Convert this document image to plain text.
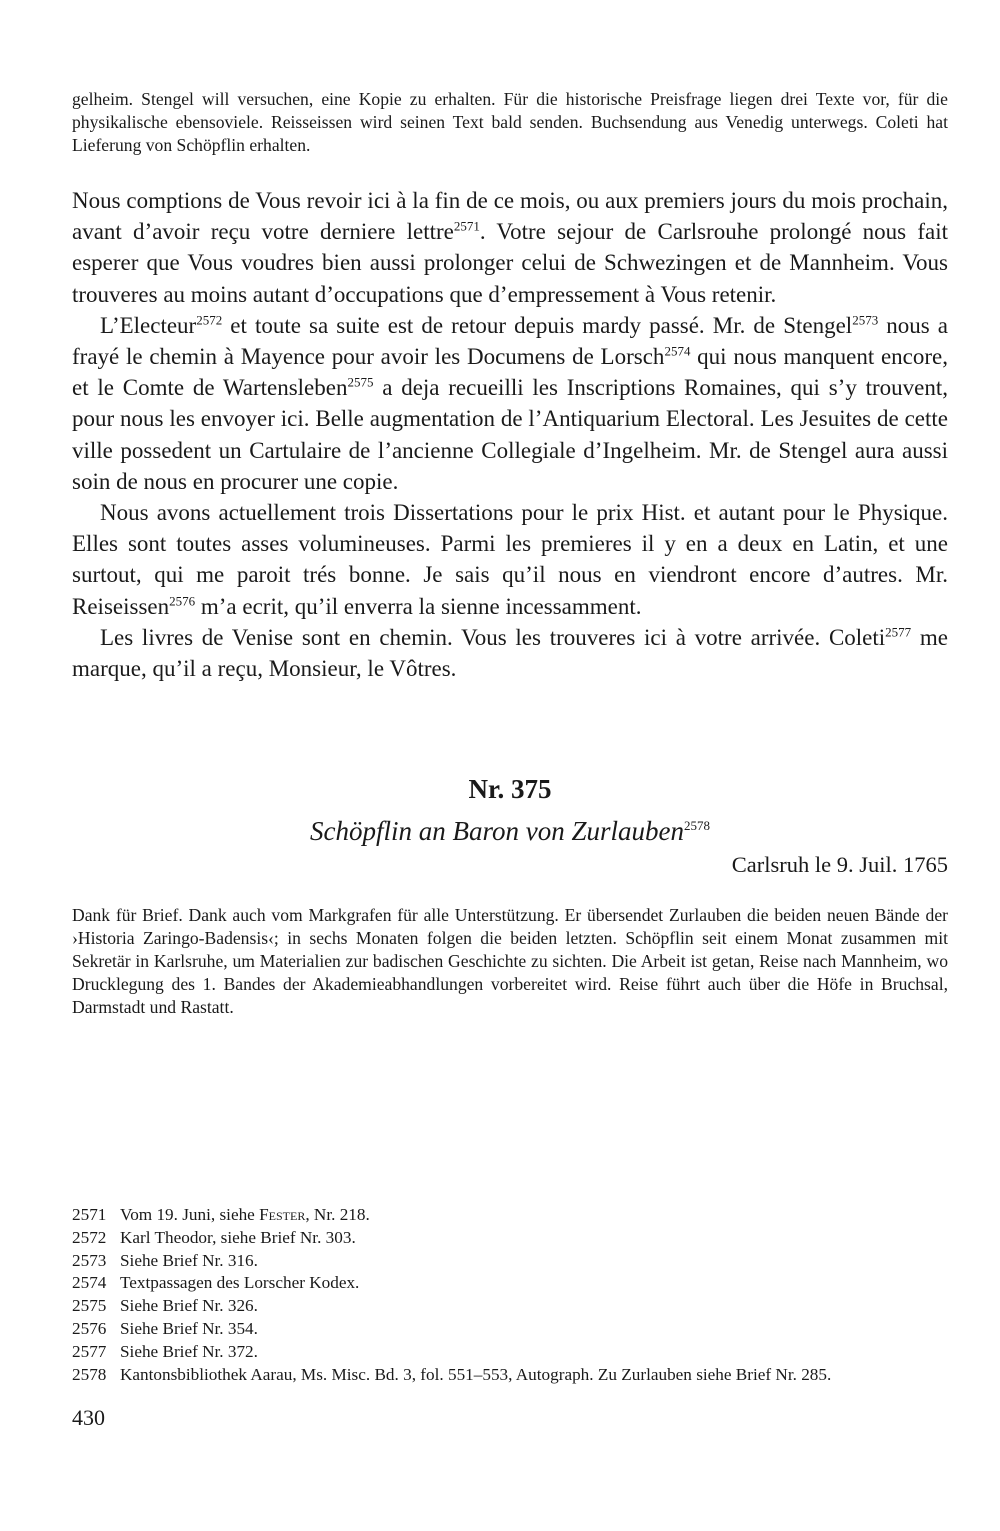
gelheim. Stengel will versuchen, eine Kopie zu erhalten. Für die historische Preisfrage liegen drei Texte vor, für die physikalische ebensoviele. Reisseissen wird seinen Text bald senden. Buchsendung aus Venedig unterwegs. Coleti hat Lieferung von Schöpflin erhalten.

Nous comptions de Vous revoir ici à la fin de ce mois, ou aux premiers jours du mois prochain, avant d’avoir reçu votre derniere lettre$^{2571}$. Votre sejour de Carlsrouhe prolongé nous fait esperer que Vous voudres bien aussi prolonger celui de Schwezingen et de Mannheim. Vous trouveres au moins autant d’occupations que d’empressement à Vous retenir.

L’Electeur$^{2572}$ et toute sa suite est de retour depuis mardy passé. Mr. de Stengel$^{2573}$ nous a frayé le chemin à Mayence pour avoir les Documens de Lorsch$^{2574}$ qui nous manquent encore, et le Comte de Wartensleben$^{2575}$ a deja recueilli les Inscriptions Romaines, qui s’y trouvent, pour nous les envoyer ici. Belle augmentation de l’Antiquarium Electoral. Les Jesuites de cette ville possedent un Cartulaire de l’ancienne Collegiale d’Ingelheim. Mr. de Stengel aura aussi soin de nous en procurer une copie.

Nous avons actuellement trois Dissertations pour le prix Hist. et autant pour le Physique. Elles sont toutes asses volumineuses. Parmi les premieres il y en a deux en Latin, et une surtout, qui me paroit trés bonne. Je sais qu’il nous en viendront encore d’autres. Mr. Reiseissen$^{2576}$ m’a ecrit, qu’il enverra la sienne incessamment.

Les livres de Venise sont en chemin. Vous les trouveres ici à votre arrivée. Coleti$^{2577}$ me marque, qu’il a reçu, Monsieur, le Vôtres.

Nr. 375
Schöpflin an Baron von Zurlauben$^{2578}$
Carlsruh le 9. Juil. 1765

Dank für Brief. Dank auch vom Markgrafen für alle Unterstützung. Er übersendet Zurlauben die beiden neuen Bände der ›Historia Zaringo-Badensis‹; in sechs Monaten folgen die beiden letzten. Schöpflin seit einem Monat zusammen mit Sekretär in Karlsruhe, um Materialien zur badischen Geschichte zu sichten. Die Arbeit ist getan, Reise nach Mannheim, wo Drucklegung des 1. Bandes der Akademieabhandlungen vorbereitet wird. Reise führt auch über die Höfe in Bruchsal, Darmstadt und Rastatt.

2571 Vom 19. Juni, siehe Fester, Nr. 218.
2572 Karl Theodor, siehe Brief Nr. 303.
2573 Siehe Brief Nr. 316.
2574 Textpassagen des Lorscher Kodex.
2575 Siehe Brief Nr. 326.
2576 Siehe Brief Nr. 354.
2577 Siehe Brief Nr. 372.
2578 Kantonsbibliothek Aarau, Ms. Misc. Bd. 3, fol. 551–553, Autograph. Zu Zurlauben siehe Brief Nr. 285.
430
